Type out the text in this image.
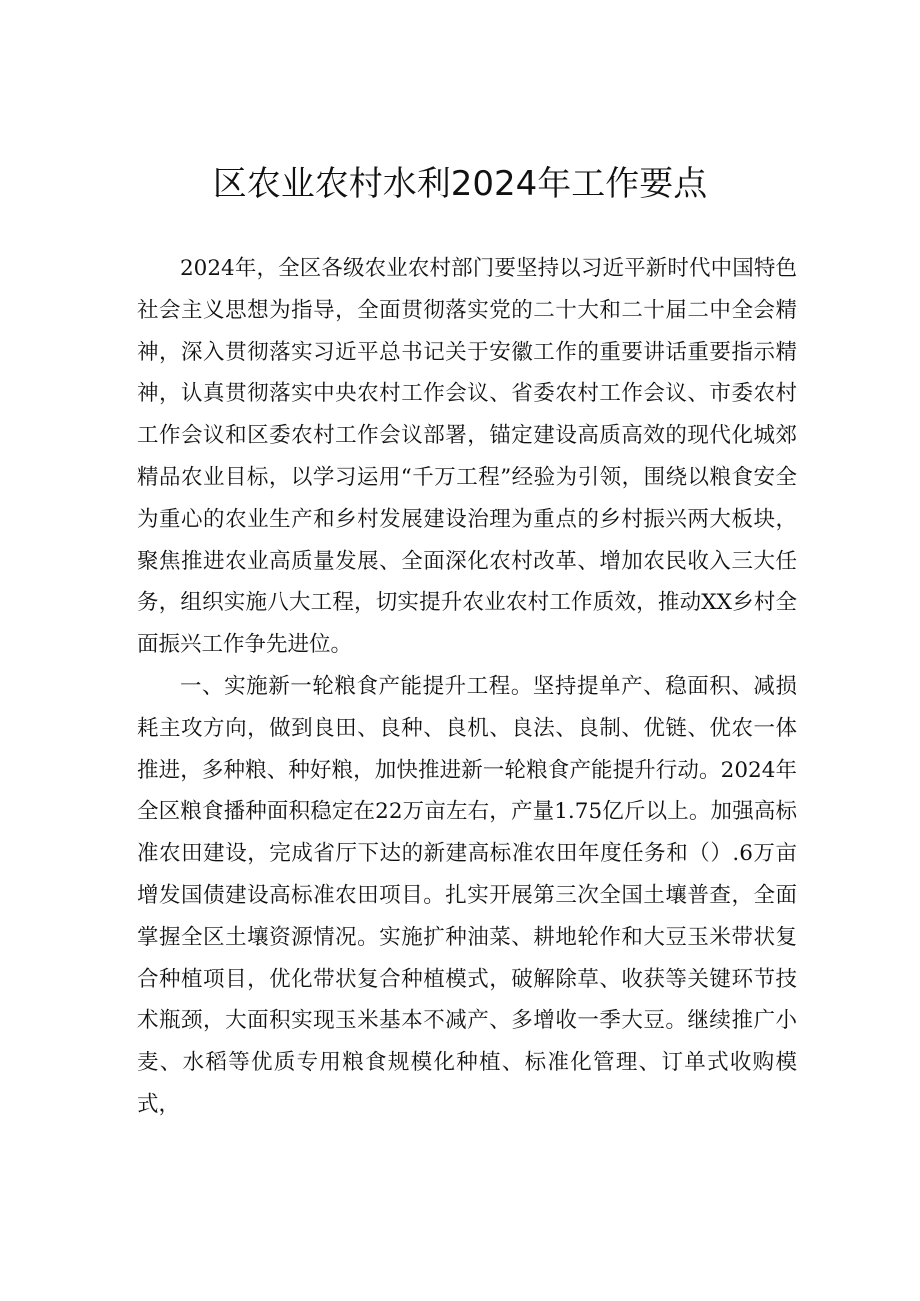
区农业农村水利2024年工作要点

2024年，全区各级农业农村部门要坚持以习近平新时代中国特色社会主义思想为指导，全面贯彻落实党的二十大和二十届二中全会精神，深入贯彻落实习近平总书记关于安徽工作的重要讲话重要指示精神，认真贯彻落实中央农村工作会议、省委农村工作会议、市委农村工作会议和区委农村工作会议部署，锚定建设高质高效的现代化城郊精品农业目标，以学习运用“千万工程”经验为引领，围绕以粮食安全为重心的农业生产和乡村发展建设治理为重点的乡村振兴两大板块，聚焦推进农业高质量发展、全面深化农村改革、增加农民收入三大任务，组织实施八大工程，切实提升农业农村工作质效，推动XX乡村全面振兴工作争先进位。

一、实施新一轮粮食产能提升工程。坚持提单产、稳面积、减损耗主攻方向，做到良田、良种、良机、良法、良制、优链、优农一体推进，多种粮、种好粮，加快推进新一轮粮食产能提升行动。2024年全区粮食播种面积稳定在22万亩左右，产量1.75亿斤以上。加强高标准农田建设，完成省厅下达的新建高标准农田年度任务和（）.6万亩增发国债建设高标准农田项目。扎实开展第三次全国土壤普查，全面掌握全区土壤资源情况。实施扩种油菜、耕地轮作和大豆玉米带状复合种植项目，优化带状复合种植模式，破解除草、收获等关键环节技术瓶颈，大面积实现玉米基本不减产、多增收一季大豆。继续推广小麦、水稻等优质专用粮食规模化种植、标准化管理、订单式收购模式，
